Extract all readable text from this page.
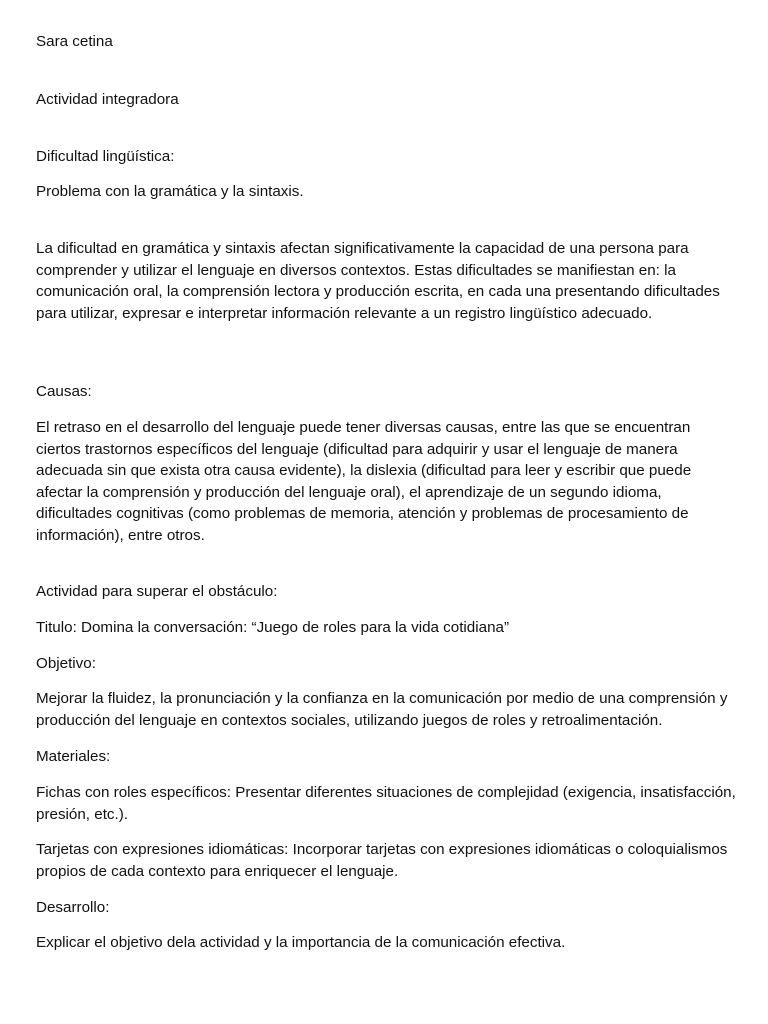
Sara cetina

Actividad integradora

Dificultad lingüística:

Problema con la gramática y la sintaxis.

La dificultad en gramática y sintaxis afectan significativamente la capacidad de una persona para comprender y utilizar el lenguaje en diversos contextos. Estas dificultades se manifiestan en: la comunicación oral, la comprensión lectora y producción escrita, en cada una presentando dificultades para utilizar, expresar e interpretar información relevante a un registro lingüístico adecuado.

Causas:

El retraso en el desarrollo del lenguaje puede tener diversas causas, entre las que se encuentran ciertos trastornos específicos del lenguaje (dificultad para adquirir y usar el lenguaje de manera adecuada sin que exista otra causa evidente), la dislexia (dificultad para leer y escribir que puede afectar la comprensión y producción del lenguaje oral), el aprendizaje de un segundo idioma, dificultades cognitivas (como problemas de memoria, atención y problemas de procesamiento de información), entre otros.

Actividad para superar el obstáculo:

Titulo: Domina la conversación: “Juego de roles para la vida cotidiana”

Objetivo:

Mejorar la fluidez, la pronunciación y la confianza en la comunicación por medio de una comprensión y producción del lenguaje en contextos sociales, utilizando juegos de roles y retroalimentación.

Materiales:

Fichas con roles específicos: Presentar diferentes situaciones de complejidad (exigencia, insatisfacción, presión, etc.).

Tarjetas con expresiones idiomáticas: Incorporar tarjetas con expresiones idiomáticas o coloquialismos propios de cada contexto para enriquecer el lenguaje.

Desarrollo:

Explicar el objetivo dela actividad y la importancia de la comunicación efectiva.
